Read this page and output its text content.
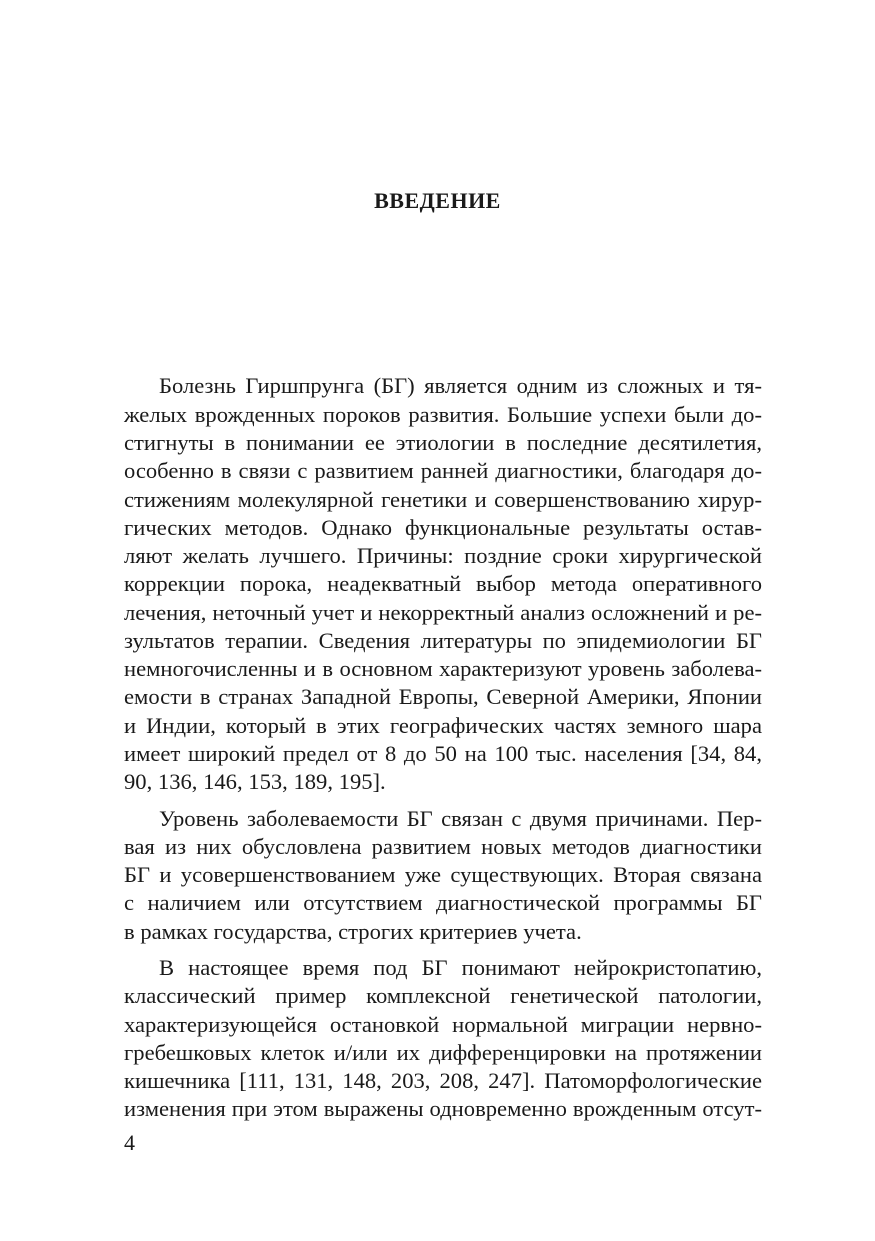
ВВЕДЕНИЕ

Болезнь Гиршпрунга (БГ) является одним из сложных и тя-

желых врожденных пороков развития. Большие успехи были до-

стигнуты в понимании ее этиологии в последние десятилетия,

особенно в связи с развитием ранней диагностики, благодаря до-

стижениям молекулярной генетики и совершенствованию хирур-

гических методов. Однако функциональные результаты остав-

ляют желать лучшего. Причины: поздние сроки хирургической

коррекции порока, неадекватный выбор метода оперативного

лечения, неточный учет и некорректный анализ осложнений и ре-

зультатов терапии. Сведения литературы по эпидемиологии БГ

немногочисленны и в основном характеризуют уровень заболева-

емости в странах Западной Европы, Северной Америки, Японии

и Индии, который в этих географических частях земного шара

имеет широкий предел от 8 до 50 на 100 тыс. населения [34, 84,

90, 136, 146, 153, 189, 195].

Уровень заболеваемости БГ связан с двумя причинами. Пер-

вая из них обусловлена развитием новых методов диагностики

БГ и усовершенствованием уже существующих. Вторая связана

с наличием или отсутствием диагностической программы БГ

в рамках государства, строгих критериев учета.

В настоящее время под БГ понимают нейрокристопатию,

классический пример комплексной генетической патологии,

характеризующейся остановкой нормальной миграции нервно-

гребешковых клеток и/или их дифференцировки на протяжении

кишечника [111, 131, 148, 203, 208, 247]. Патоморфологические

изменения при этом выражены одновременно врожденным отсут-

4
